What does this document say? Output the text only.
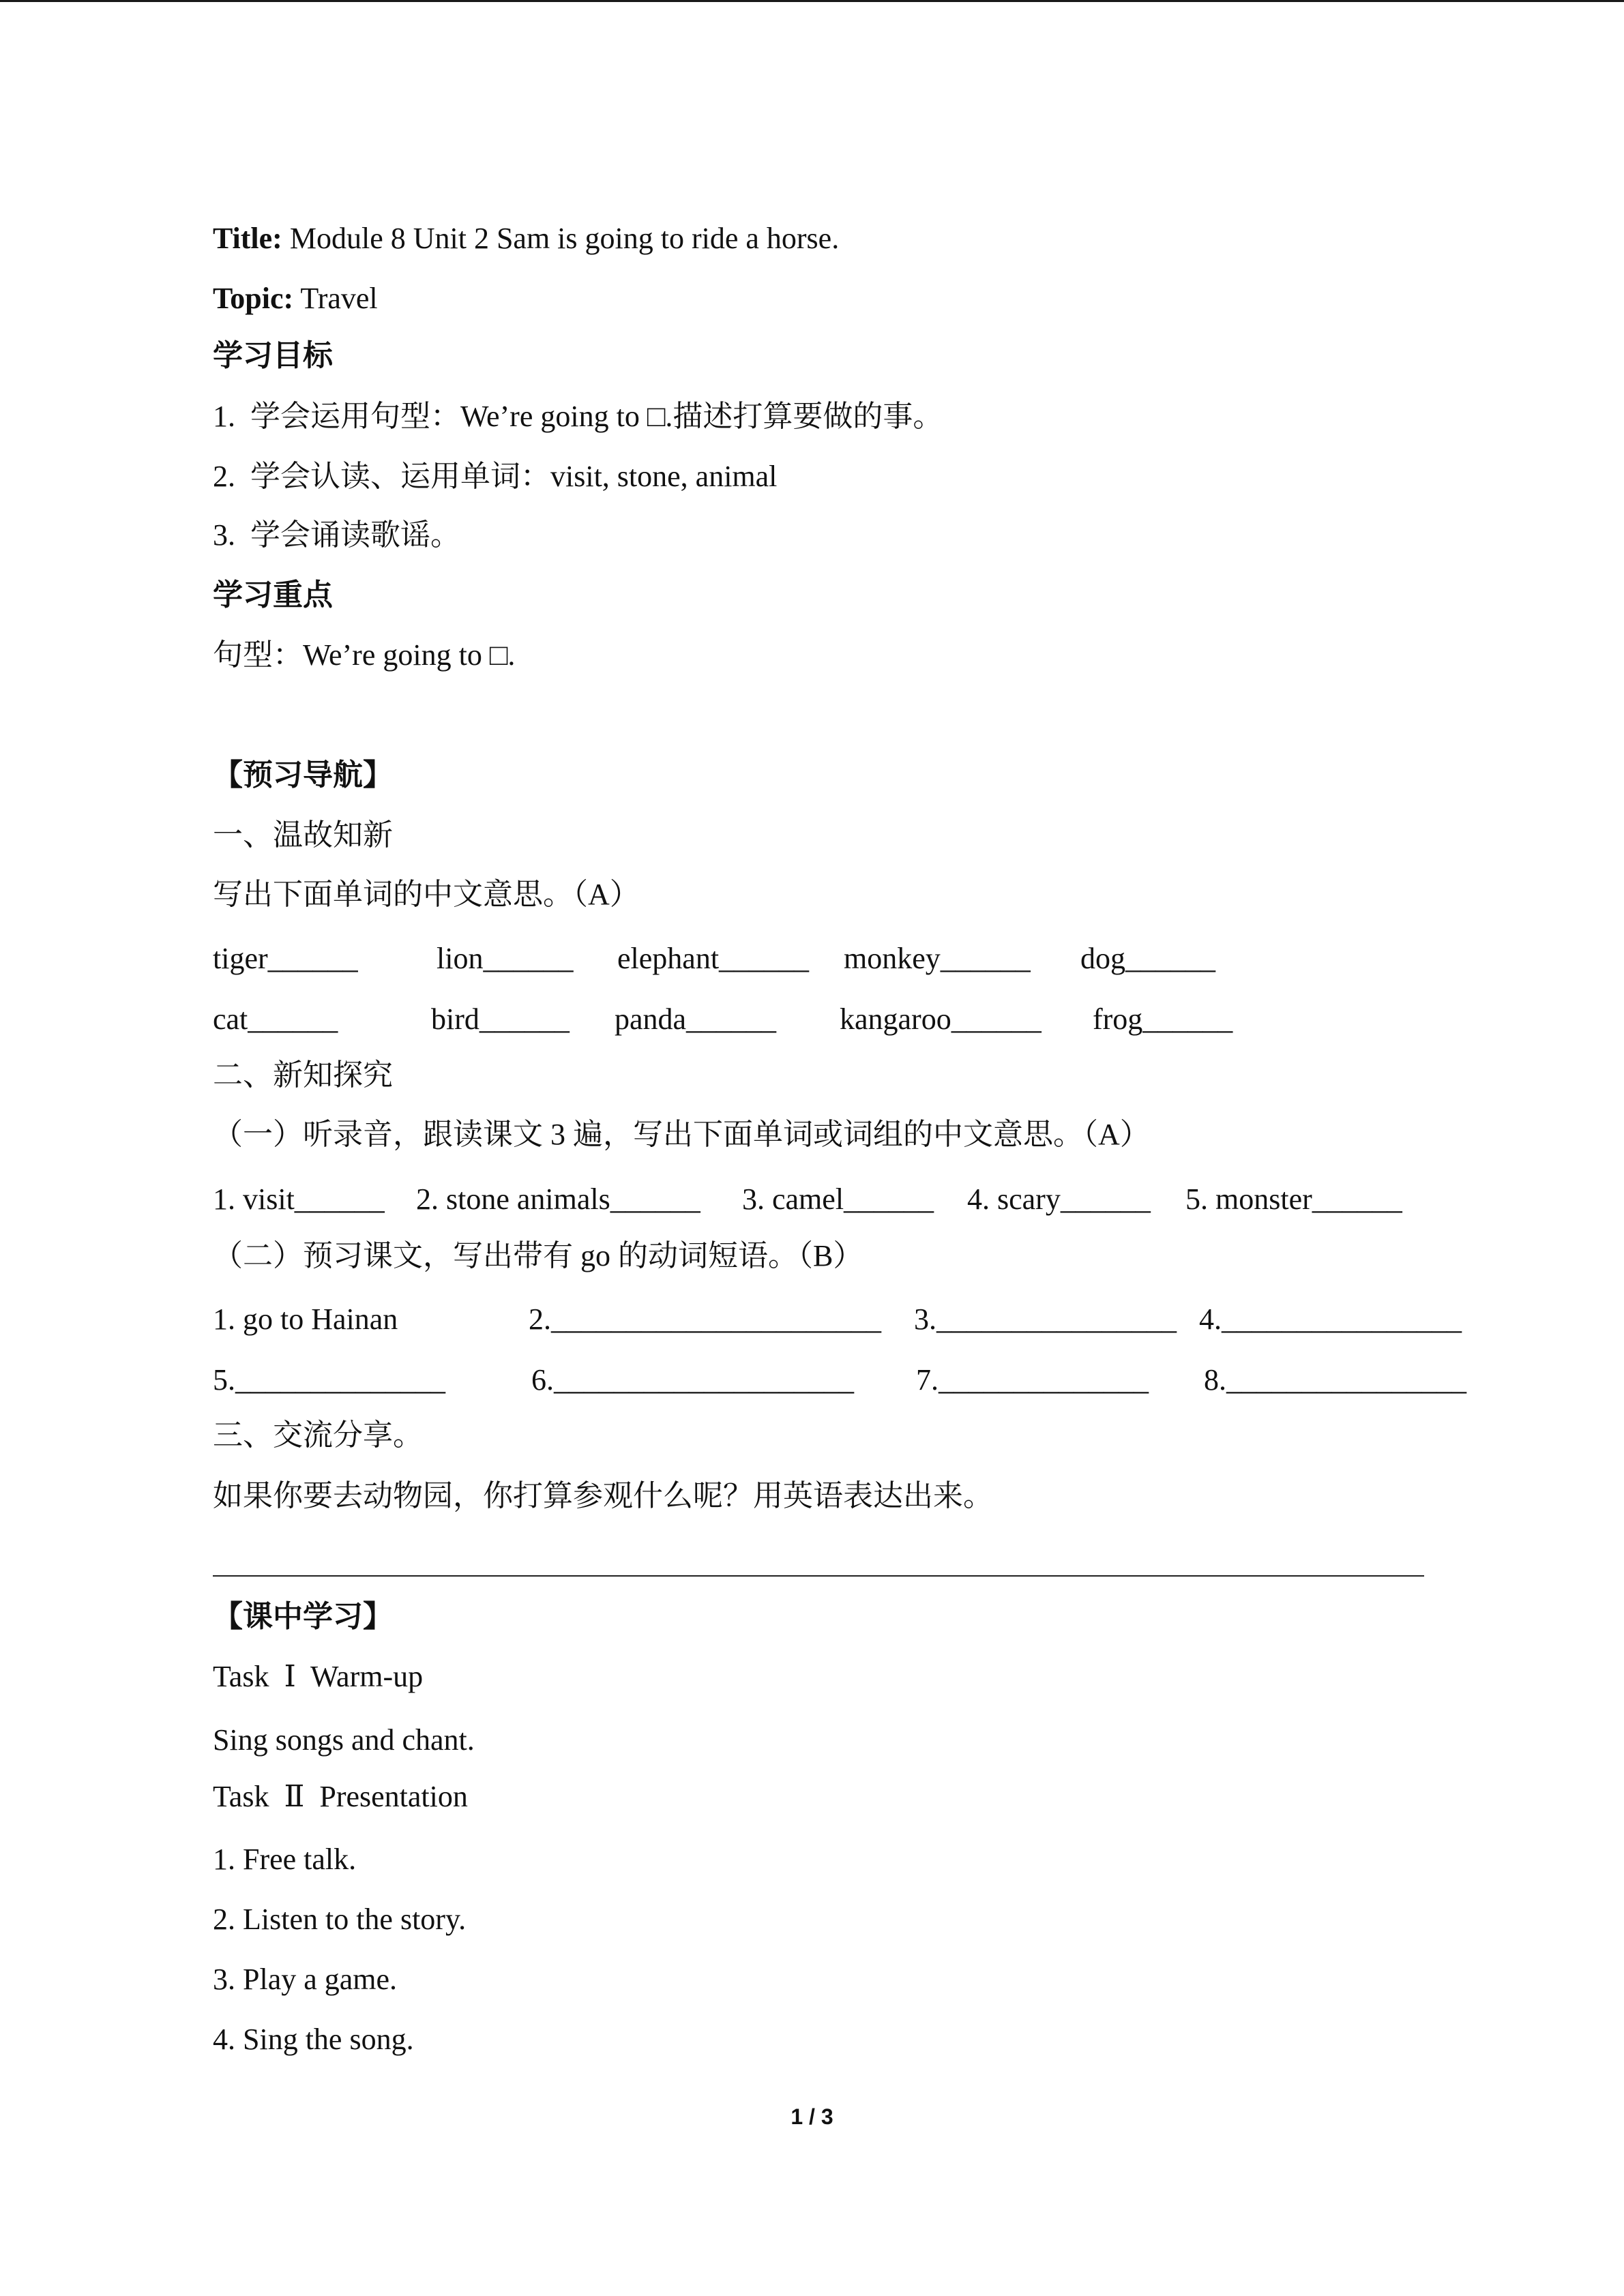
Title: Module 8 Unit 2 Sam is going to ride a horse.
Topic: Travel
学习目标
1.  学会运用句型：We’re going to □.描述打算要做的事。
2.  学会认读、运用单词：visit, stone, animal
3.  学会诵读歌谣。
学习重点
句型：We’re going to □.
【预习导航】
一、温故知新
写出下面单词的中文意思。（A）
tiger______	lion______ elephant______ monkey______ dog______
cat______	bird______ panda______ kangaroo______ frog______
二、新知探究
（一）听录音，跟读课文 3 遍，写出下面单词或词组的中文意思。（A）
1. visit______ 2. stone animals______ 3. camel______ 4. scary______ 5. monster______
（二）预习课文，写出带有 go 的动词短语。（B）
1. go to Hainan	2.______________________ 3.________________ 4.________________
5.______________	6.____________________ 7.______________ 8.________________
三、交流分享。
如果你要去动物园，你打算参观什么呢？用英语表达出来。
【课中学习】
Task  Ⅰ  Warm-up
Sing songs and chant.
Task  Ⅱ  Presentation
1. Free talk.
2. Listen to the story.
3. Play a game.
4. Sing the song.
1 / 3
